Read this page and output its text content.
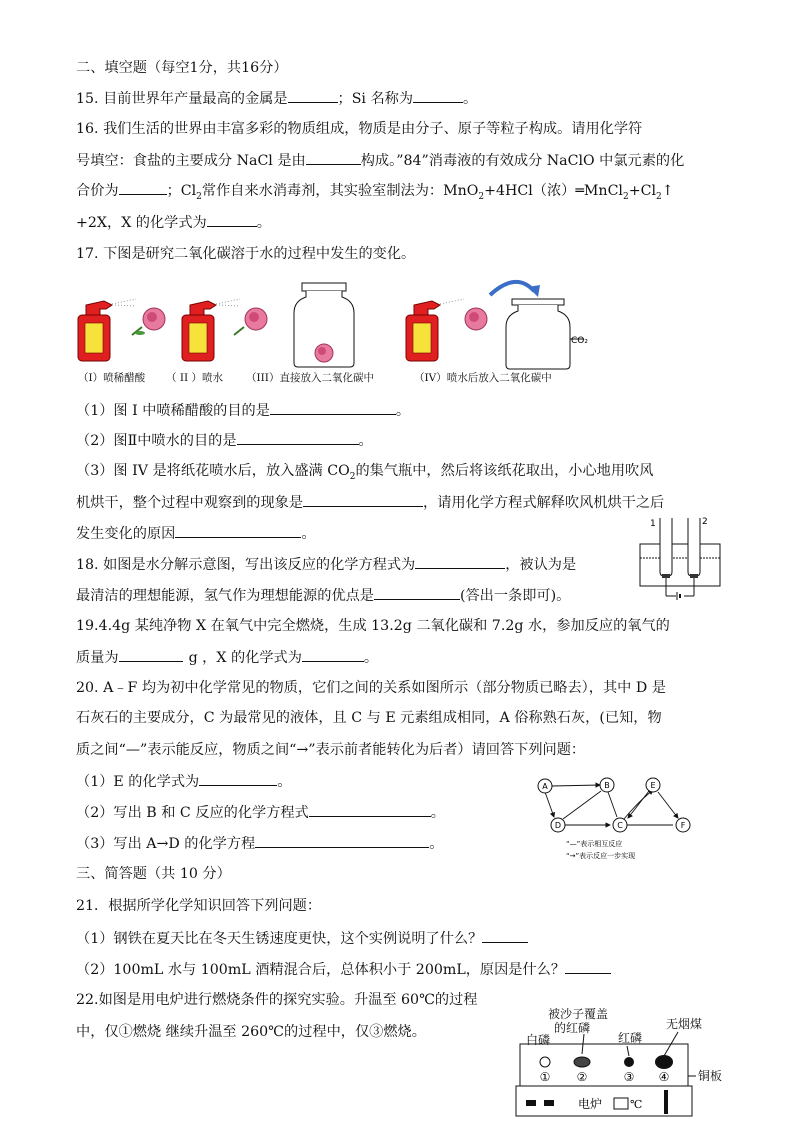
二、填空题（每空1分，共16分）
15. 目前世界年产量最高的金属是	；Si 名称为	。
16. 我们生活的世界由丰富多彩的物质组成，物质是由分子、原子等粒子构成。请用化学符
号填空：食盐的主要成分 NaCl 是由	构成。”84”消毒液的有效成分 NaClO 中氯元素的化
合价为	；$Cl_2$常作自来水消毒剂，其实验室制法为：MnO$_2$+4HCl（浓）$═MnCl_2+Cl_2↑$
+2X，X 的化学式为	。
17. 下图是研究二氧化碳溶于水的过程中发生的变化。
CO₂
（I）喷稀醋酸 （ II ）喷水 （III）直接放入二氧化碳中	（IV）喷水后放入二氧化碳中
（1）图 I 中喷稀醋酸的目的是	。
（2）图Ⅱ中喷水的目的是	。
（3）图 IV 是将纸花喷水后，放入盛满 $CO_2$的集气瓶中，然后将该纸花取出，小心地用吹风
机烘干，整个过程中观察到的现象是	，请用化学方程式解释吹风机烘干之后
发生变化的原因	。
18. 如图是水分解示意图，写出该反应的化学方程式为	，被认为是
最清洁的理想能源，氢气作为理想能源的优点是	(答出一条即可)。
1	2
19.4.4g 某纯净物 X 在氧气中完全燃烧，生成 13.2g 二氧化碳和 7.2g 水，参加反应的氧气的
质量为	g ，X 的化学式为	。
20. A﹣F 均为初中化学常见的物质，它们之间的关系如图所示（部分物质已略去），其中 D 是
石灰石的主要成分，C 为最常见的液体，且 C 与 E 元素组成相同，A 俗称熟石灰，(已知，物
质之间“—”表示能反应，物质之间“→”表示前者能转化为后者）请回答下列问题：
（1）E 的化学式为	。
（2）写出 B 和 C 反应的化学方程式	。
（3）写出 A→D 的化学方程	。
A	B	E
D	C	F
“—”表示相互反应
“→”表示反应一步实现
三、简答题（共 10 分）
21．根据所学化学知识回答下列问题：
（1）钢铁在夏天比在冬天生锈速度更快，这个实例说明了什么？
（2）100mL 水与 100mL 酒精混合后，总体积小于 200mL，原因是什么？
22.如图是用电炉进行燃烧条件的探究实验。升温至 60℃的过程
中，仅①燃烧 继续升温至 260℃的过程中，仅③燃烧。
被沙子覆盖
的红磷
白磷	红磷
无烟煤
铜板
① ②	③ ④
电炉	℃
